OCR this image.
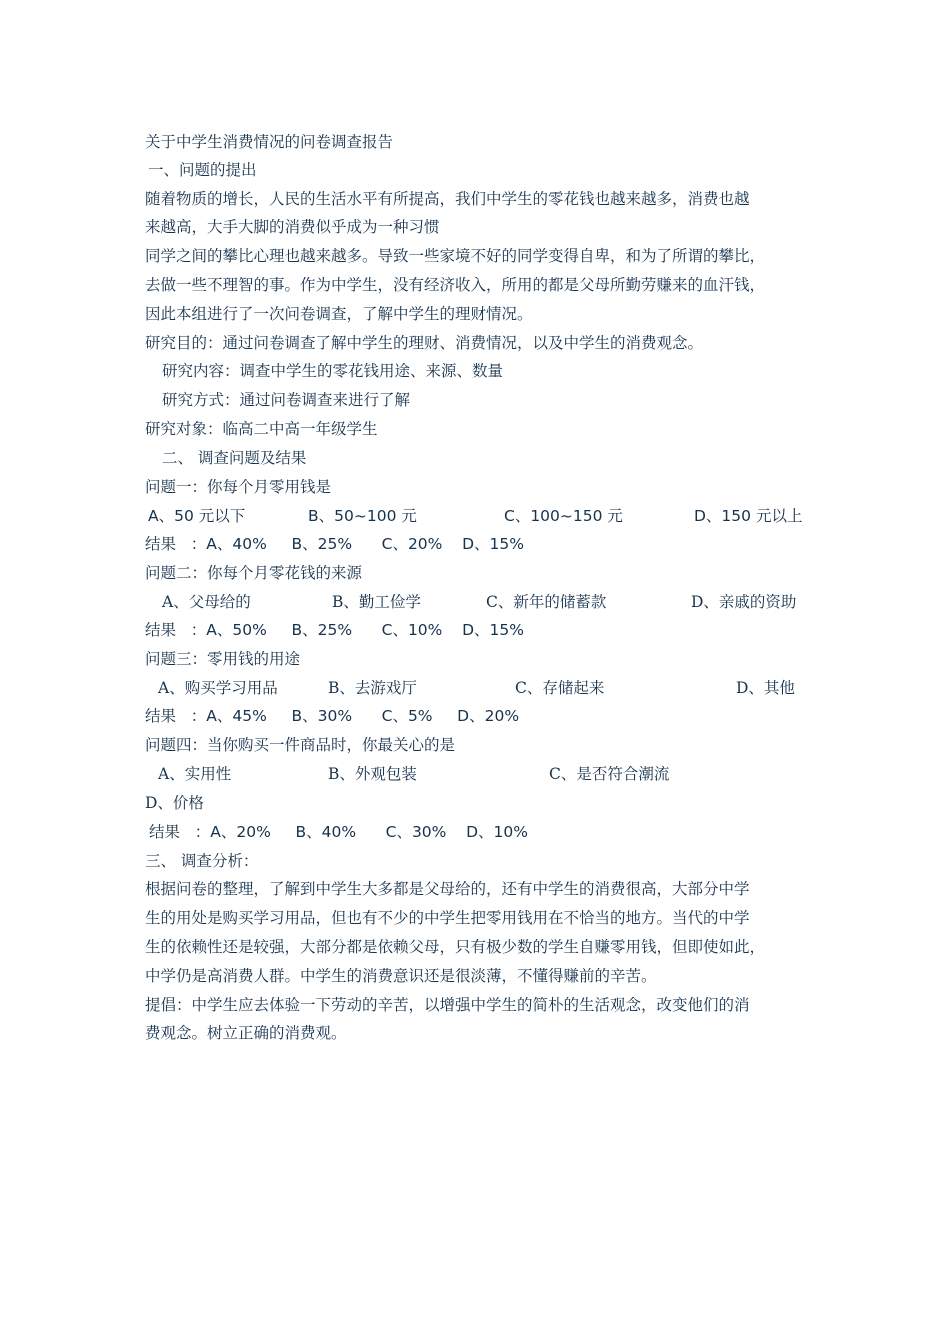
关于中学生消费情况的问卷调查报告
一、问题的提出
随着物质的增长，人民的生活水平有所提高，我们中学生的零花钱也越来越多，消费也越
来越高，大手大脚的消费似乎成为一种习惯
同学之间的攀比心理也越来越多。导致一些家境不好的同学变得自卑，和为了所谓的攀比，
去做一些不理智的事。作为中学生，没有经济收入，所用的都是父母所勤劳赚来的血汗钱，
因此本组进行了一次问卷调查，了解中学生的理财情况。
研究目的：通过问卷调查了解中学生的理财、消费情况，以及中学生的消费观念。
研究内容：调查中学生的零花钱用途、来源、数量
研究方式：通过问卷调查来进行了解
研究对象：临高二中高一年级学生
二、 调查问题及结果
问题一：你每个月零用钱是
A、50 元以下	B、50~100 元	C、100~150 元	D、150 元以上
结果   ：A、40%     B、25%      C、20%    D、15%
问题二：你每个月零花钱的来源
A、父母给的	B、勤工俭学	C、新年的储蓄款	D、亲戚的资助
结果   ：A、50%     B、25%      C、10%    D、15%
问题三：零用钱的用途
A、购买学习用品	B、去游戏厅	C、存储起来	D、其他
结果   ：A、45%     B、30%      C、5%     D、20%
问题四：当你购买一件商品时，你最关心的是
A、实用性	B、外观包装	C、是否符合潮流
D、价格
结果   ：A、20%     B、40%      C、30%    D、10%
三、 调查分析：
根据问卷的整理，了解到中学生大多都是父母给的，还有中学生的消费很高，大部分中学
生的用处是购买学习用品，但也有不少的中学生把零用钱用在不恰当的地方。当代的中学
生的依赖性还是较强，大部分都是依赖父母，只有极少数的学生自赚零用钱，但即使如此，
中学仍是高消费人群。中学生的消费意识还是很淡薄，不懂得赚前的辛苦。
提倡：中学生应去体验一下劳动的辛苦，以增强中学生的简朴的生活观念，改变他们的消
费观念。树立正确的消费观。
